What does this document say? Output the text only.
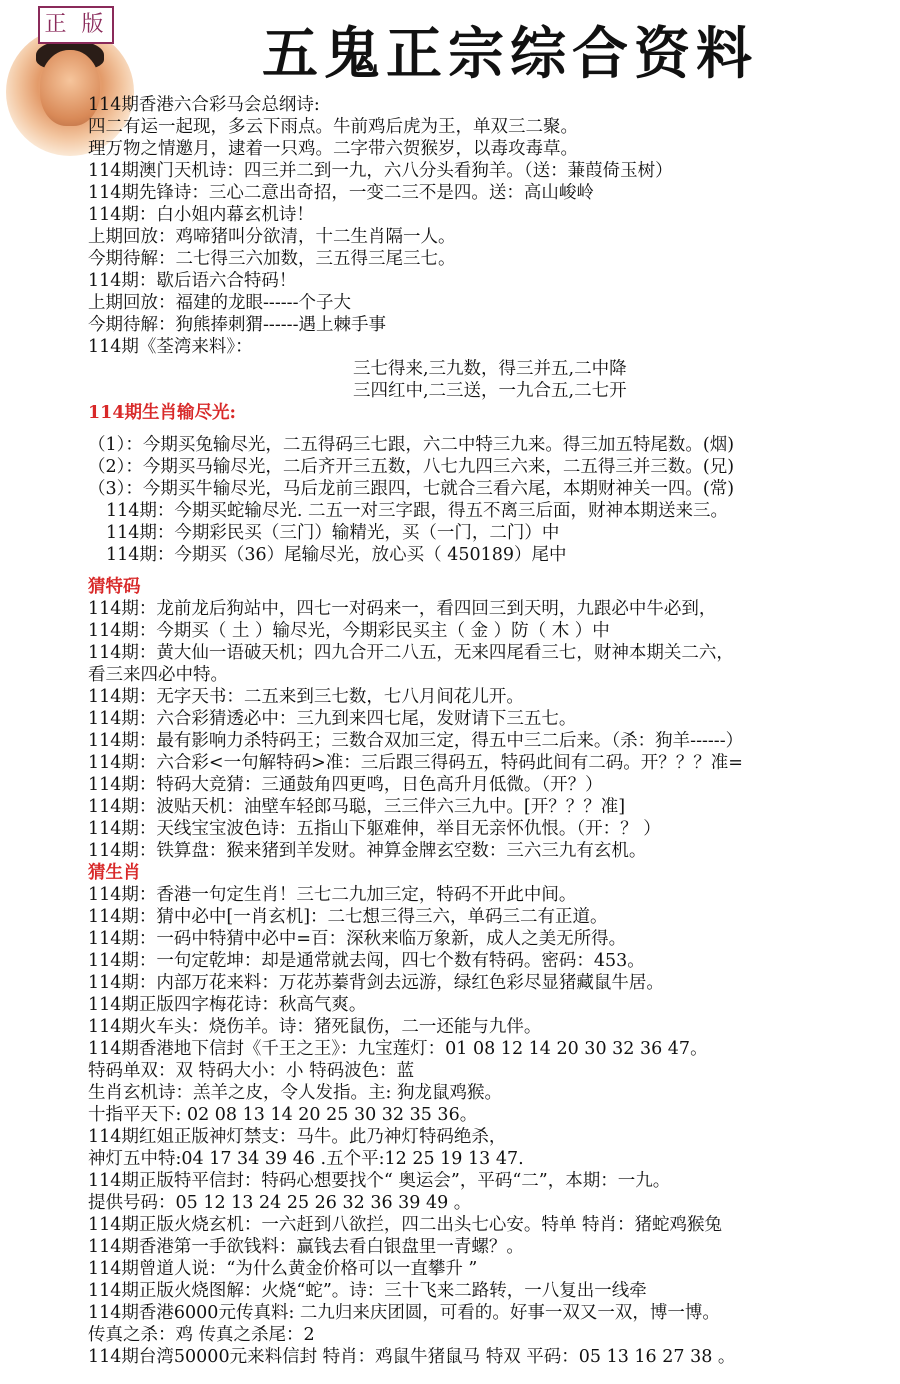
正 版	五鬼正宗综合资料
114期香港六合彩马会总纲诗:
四二有运一起现，多云下雨点。牛前鸡后虎为王，单双三二聚。
理万物之情邀月，逮着一只鸡。二字带六贺猴岁，以毒攻毒草。
114期澳门天机诗：四三并二到一九，六八分头看狗羊。（送：蒹葭倚玉树）
114期先锋诗：三心二意出奇招，一变二三不是四。送：高山峻岭
114期：白小姐内幕玄机诗！
上期回放：鸡啼猪叫分欲清，十二生肖隔一人。
今期待解：二七得三六加数，三五得三尾三七。
114期：歇后语六合特码！
上期回放：福建的龙眼------个子大
今期待解：狗熊捧刺猬------遇上棘手事
114期《荃湾来料》：
三七得来,三九数，得三并五,二中降
三四红中,二三送，一九合五,二七开
114期生肖输尽光:
（1）：今期买兔输尽光，二五得码三七跟，六二中特三九来。得三加五特尾数。(烟)
（2）：今期买马输尽光，二后齐开三五数，八七九四三六来，二五得三并三数。(兄)
（3）：今期买牛输尽光，马后龙前三跟四，七就合三看六尾，本期财神关一四。(常)
114期：今期买蛇输尽光. 二五一对三字跟，得五不离三后面，财神本期送来三。
114期：今期彩民买（三门）输精光，买（一门，二门）中
114期：今期买（36）尾输尽光，放心买（ 450189）尾中
猜特码
114期：龙前龙后狗站中，四七一对码来一，看四回三到天明，九跟必中牛必到，
114期：今期买（ 土 ）输尽光，今期彩民买主（ 金 ）防（ 木 ）中
114期：黄大仙一语破天机；四九合开二八五，无来四尾看三七，财神本期关二六，
看三来四必中特。
114期：无字天书：二五来到三七数，七八月间花儿开。
114期：六合彩猜透必中：三九到来四七尾，发财请下三五七。
114期：最有影响力杀特码王；三数合双加三定，得五中三二后来。（杀：狗羊------）
114期：六合彩<一句解特码>准：三后跟三得码五，特码此间有二码。开？？？准=
114期：特码大竞猜：三通鼓角四更鸣，日色高升月低微。（开？）
114期：波贴天机：油壁车轻郎马聪，三三伴六三九中。[开？？？准]
114期：天线宝宝波色诗：五指山下躯难伸，举目无亲怀仇恨。（开：？ ）
114期：铁算盘：猴来猪到羊发财。神算金牌玄空数：三六三九有玄机。
猜生肖
114期：香港一句定生肖！三七二九加三定，特码不开此中间。
114期：猜中必中[一肖玄机]：二七想三得三六，单码三二有正道。
114期：一码中特猜中必中=百：深秋来临万象新，成人之美无所得。
114期：一句定乾坤：却是通常就去闯，四七个数有特码。密码：453。
114期：内部万花来料：万花苏蓁背剑去远游，绿红色彩尽显猪藏鼠牛居。
114期正版四字梅花诗：秋高气爽。
114期火车头：烧伤羊。诗：猪死鼠伤，二一还能与九伴。
114期香港地下信封《千王之王》：九宝莲灯：01 08 12 14 20 30 32 36 47。
特码单双：双 特码大小：小 特码波色：蓝
生肖玄机诗：羔羊之皮，令人发指。主: 狗龙鼠鸡猴。
十指平天下: 02 08 13 14 20 25 30 32 35 36。
114期红姐正版神灯禁支：马牛。此乃神灯特码绝杀，
神灯五中特:04 17 34 39 46 .五个平:12 25 19 13 47.
114期正版特平信封：特码心想要找个“ 奥运会”，平码“二”，本期：一九。
提供号码：05 12 13 24 25 26 32 36 39 49 。
114期正版火烧玄机：一六赶到八欲拦，四二出头七心安。特单 特肖：猪蛇鸡猴兔
114期香港第一手欲钱料：赢钱去看白银盘里一青螺？。
114期曾道人说：“为什么黄金价格可以一直攀升 ”
114期正版火烧图解：火烧“蛇”。诗：三十飞来二路转，一八复出一线牵
114期香港6000元传真料: 二九归来庆团圆，可看的。好事一双又一双，博一博。
传真之杀：鸡 传真之杀尾：2
114期台湾50000元来料信封 特肖：鸡鼠牛猪鼠马 特双 平码：05 13 16 27 38 。
